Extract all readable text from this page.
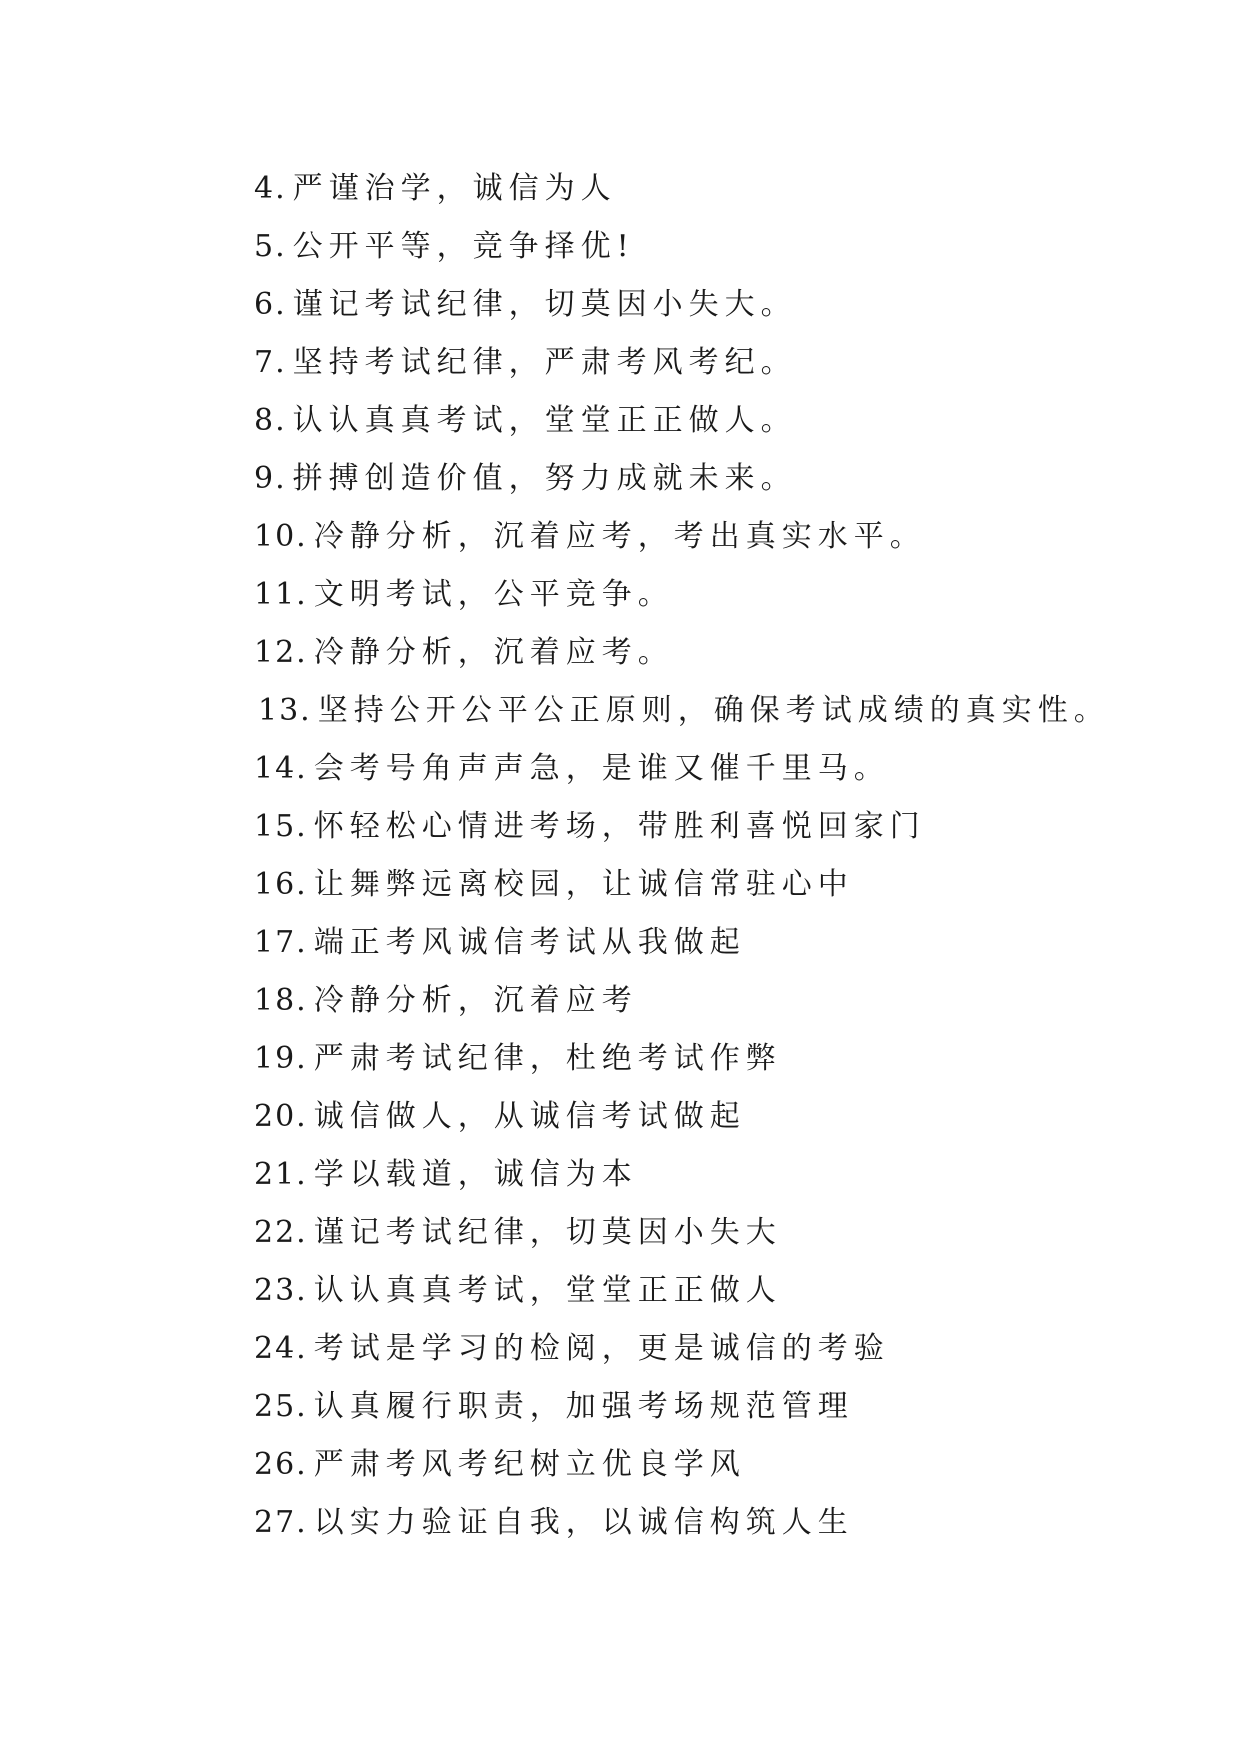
4. 严谨治学，诚信为人
5. 公开平等，竞争择优!
6. 谨记考试纪律，切莫因小失大。
7. 坚持考试纪律，严肃考风考纪。
8. 认认真真考试，堂堂正正做人。
9. 拼搏创造价值，努力成就未来。
10. 冷静分析，沉着应考，考出真实水平。
11. 文明考试，公平竞争。
12. 冷静分析，沉着应考。
13. 坚持公开公平公正原则，确保考试成绩的真实性。
14. 会考号角声声急，是谁又催千里马。
15. 怀轻松心情进考场，带胜利喜悦回家门
16. 让舞弊远离校园，让诚信常驻心中
17. 端正考风诚信考试从我做起
18. 冷静分析，沉着应考
19. 严肃考试纪律，杜绝考试作弊
20. 诚信做人，从诚信考试做起
21. 学以载道，诚信为本
22. 谨记考试纪律，切莫因小失大
23. 认认真真考试，堂堂正正做人
24. 考试是学习的检阅，更是诚信的考验
25. 认真履行职责，加强考场规范管理
26. 严肃考风考纪树立优良学风
27. 以实力验证自我，以诚信构筑人生
